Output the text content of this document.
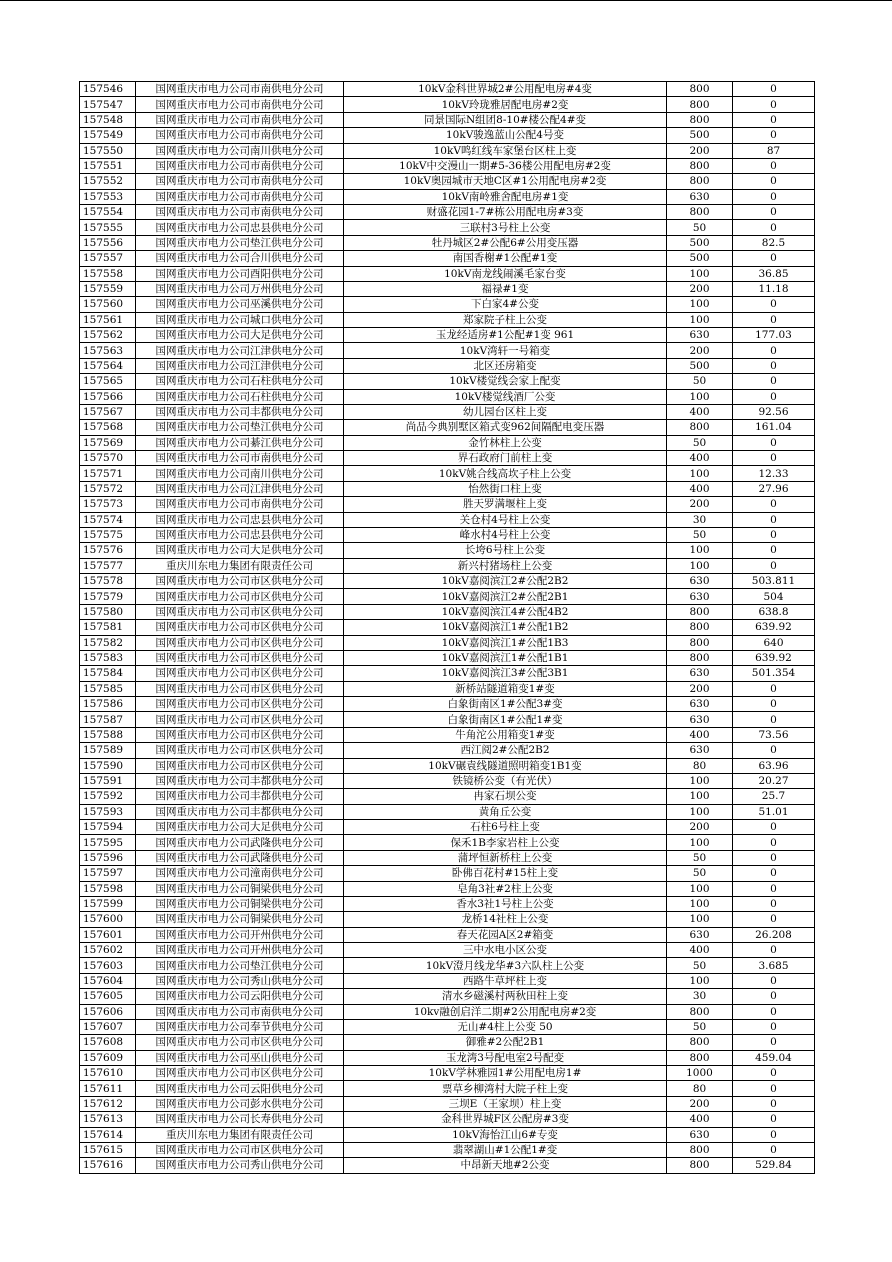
157546	国网重庆市电力公司市南供电分公司	10kV金科世界城2#公用配电房#4变	800	0
157547	国网重庆市电力公司市南供电分公司	10kV玲珑雅居配电房#2变	800	0
157548	国网重庆市电力公司市南供电分公司	同景国际N组团8-10#楼公配4#变	800	0
157549	国网重庆市电力公司市南供电分公司	10kV骏逸蓝山公配4号变	500	0
157550	国网重庆市电力公司南川供电分公司	10kV鸣红线车家堡台区柱上变	200	87
157551	国网重庆市电力公司市南供电分公司	10kV中交漫山一期#5-36楼公用配电房#2变	800	0
157552	国网重庆市电力公司市南供电分公司	10kV奥园城市天地C区#1公用配电房#2变	800	0
157553	国网重庆市电力公司市南供电分公司	10kV南岭雅舍配电房#1变	630	0
157554	国网重庆市电力公司市南供电分公司	财盛花园1-7#栋公用配电房#3变	800	0
157555	国网重庆市电力公司忠县供电分公司	三联村3号柱上公变	50	0
157556	国网重庆市电力公司垫江供电分公司	牡丹城区2#公配6#公用变压器	500	82.5
157557	国网重庆市电力公司合川供电分公司	南国香榭#1公配#1变	500	0
157558	国网重庆市电力公司酉阳供电分公司	10kV南龙线闹溪毛家台变	100	36.85
157559	国网重庆市电力公司万州供电分公司	福禄#1变	200	11.18
157560	国网重庆市电力公司巫溪供电分公司	下白家4#公变	100	0
157561	国网重庆市电力公司城口供电分公司	郑家院子柱上公变	100	0
157562	国网重庆市电力公司大足供电分公司	玉龙经适房#1公配#1变 961	630	177.03
157563	国网重庆市电力公司江津供电分公司	10kV湾轩一号箱变	200	0
157564	国网重庆市电力公司江津供电分公司	北区还房箱变	500	0
157565	国网重庆市电力公司石柱供电分公司	10kV楼觉线会家上配变	50	0
157566	国网重庆市电力公司石柱供电分公司	10kV楼觉线酒厂公变	100	0
157567	国网重庆市电力公司丰都供电分公司	幼儿园台区柱上变	400	92.56
157568	国网重庆市电力公司垫江供电分公司	尚品今典别墅区箱式变962间隔配电变压器	800	161.04
157569	国网重庆市电力公司綦江供电分公司	金竹林柱上公变	50	0
157570	国网重庆市电力公司市南供电分公司	界石政府门前柱上变	400	0
157571	国网重庆市电力公司南川供电分公司	10kV姚合线高坎子柱上公变	100	12.33
157572	国网重庆市电力公司江津供电分公司	怡然街口柱上变	400	27.96
157573	国网重庆市电力公司市南供电分公司	胜天罗满堰柱上变	200	0
157574	国网重庆市电力公司忠县供电分公司	关仓村4号柱上公变	30	0
157575	国网重庆市电力公司忠县供电分公司	峰水村4号柱上公变	50	0
157576	国网重庆市电力公司大足供电分公司	长垮6号柱上公变	100	0
157577	重庆川东电力集团有限责任公司	新兴村猪场柱上公变	100	0
157578	国网重庆市电力公司市区供电分公司	10kV嘉阅滨江2#公配2B2	630	503.811
157579	国网重庆市电力公司市区供电分公司	10kV嘉阅滨江2#公配2B1	630	504
157580	国网重庆市电力公司市区供电分公司	10kV嘉阅滨江4#公配4B2	800	638.8
157581	国网重庆市电力公司市区供电分公司	10kV嘉阅滨江1#公配1B2	800	639.92
157582	国网重庆市电力公司市区供电分公司	10kV嘉阅滨江1#公配1B3	800	640
157583	国网重庆市电力公司市区供电分公司	10kV嘉阅滨江1#公配1B1	800	639.92
157584	国网重庆市电力公司市区供电分公司	10kV嘉阅滨江3#公配3B1	630	501.354
157585	国网重庆市电力公司市区供电分公司	新桥站隧道箱变1#变	200	0
157586	国网重庆市电力公司市区供电分公司	白象街南区1#公配3#变	630	0
157587	国网重庆市电力公司市区供电分公司	白象街南区1#公配1#变	630	0
157588	国网重庆市电力公司市区供电分公司	牛角沱公用箱变1#变	400	73.56
157589	国网重庆市电力公司市区供电分公司	西江阅2#公配2B2	630	0
157590	国网重庆市电力公司市区供电分公司	10kV碾袁线隧道照明箱变1B1变	80	63.96
157591	国网重庆市电力公司丰都供电分公司	铁镜桥公变（有光伏）	100	20.27
157592	国网重庆市电力公司丰都供电分公司	冉家石坝公变	100	25.7
157593	国网重庆市电力公司丰都供电分公司	黄角丘公变	100	51.01
157594	国网重庆市电力公司大足供电分公司	石柱6号柱上变	200	0
157595	国网重庆市电力公司武隆供电分公司	保禾1B李家岩柱上公变	100	0
157596	国网重庆市电力公司武隆供电分公司	蒲坪恒新桥柱上公变	50	0
157597	国网重庆市电力公司潼南供电分公司	卧佛百花村#15柱上变	50	0
157598	国网重庆市电力公司铜梁供电分公司	皂角3社#2柱上公变	100	0
157599	国网重庆市电力公司铜梁供电分公司	香水3社1号柱上公变	100	0
157600	国网重庆市电力公司铜梁供电分公司	龙桥14社柱上公变	100	0
157601	国网重庆市电力公司开州供电分公司	春天花园A区2#箱变	630	26.208
157602	国网重庆市电力公司开州供电分公司	三中水电小区公变	400	0
157603	国网重庆市电力公司垫江供电分公司	10kV澄月线龙华#3六队柱上公变	50	3.685
157604	国网重庆市电力公司秀山供电分公司	西路牛草坪柱上变	100	0
157605	国网重庆市电力公司云阳供电分公司	清水乡磁溪村两秋田柱上变	30	0
157606	国网重庆市电力公司市南供电分公司	10kv融创启洋二期#2公用配电房#2变	800	0
157607	国网重庆市电力公司奉节供电分公司	无山#4柱上公变 50	50	0
157608	国网重庆市电力公司市区供电分公司	御雅#2公配2B1	800	0
157609	国网重庆市电力公司巫山供电分公司	玉龙湾3号配电室2号配变	800	459.04
157610	国网重庆市电力公司市区供电分公司	10kV学林雅园1#公用配电房1#	1000	0
157611	国网重庆市电力公司云阳供电分公司	票草乡柳湾村大院子柱上变	80	0
157612	国网重庆市电力公司彭水供电分公司	三坝E（王家坝）柱上变	200	0
157613	国网重庆市电力公司长寿供电分公司	金科世界城F区公配房#3变	400	0
157614	重庆川东电力集团有限责任公司	10kV海怡江山6#专变	630	0
157615	国网重庆市电力公司市区供电分公司	翡翠湖山#1公配1#变	800	0
157616	国网重庆市电力公司秀山供电分公司	中昂新天地#2公变	800	529.84
